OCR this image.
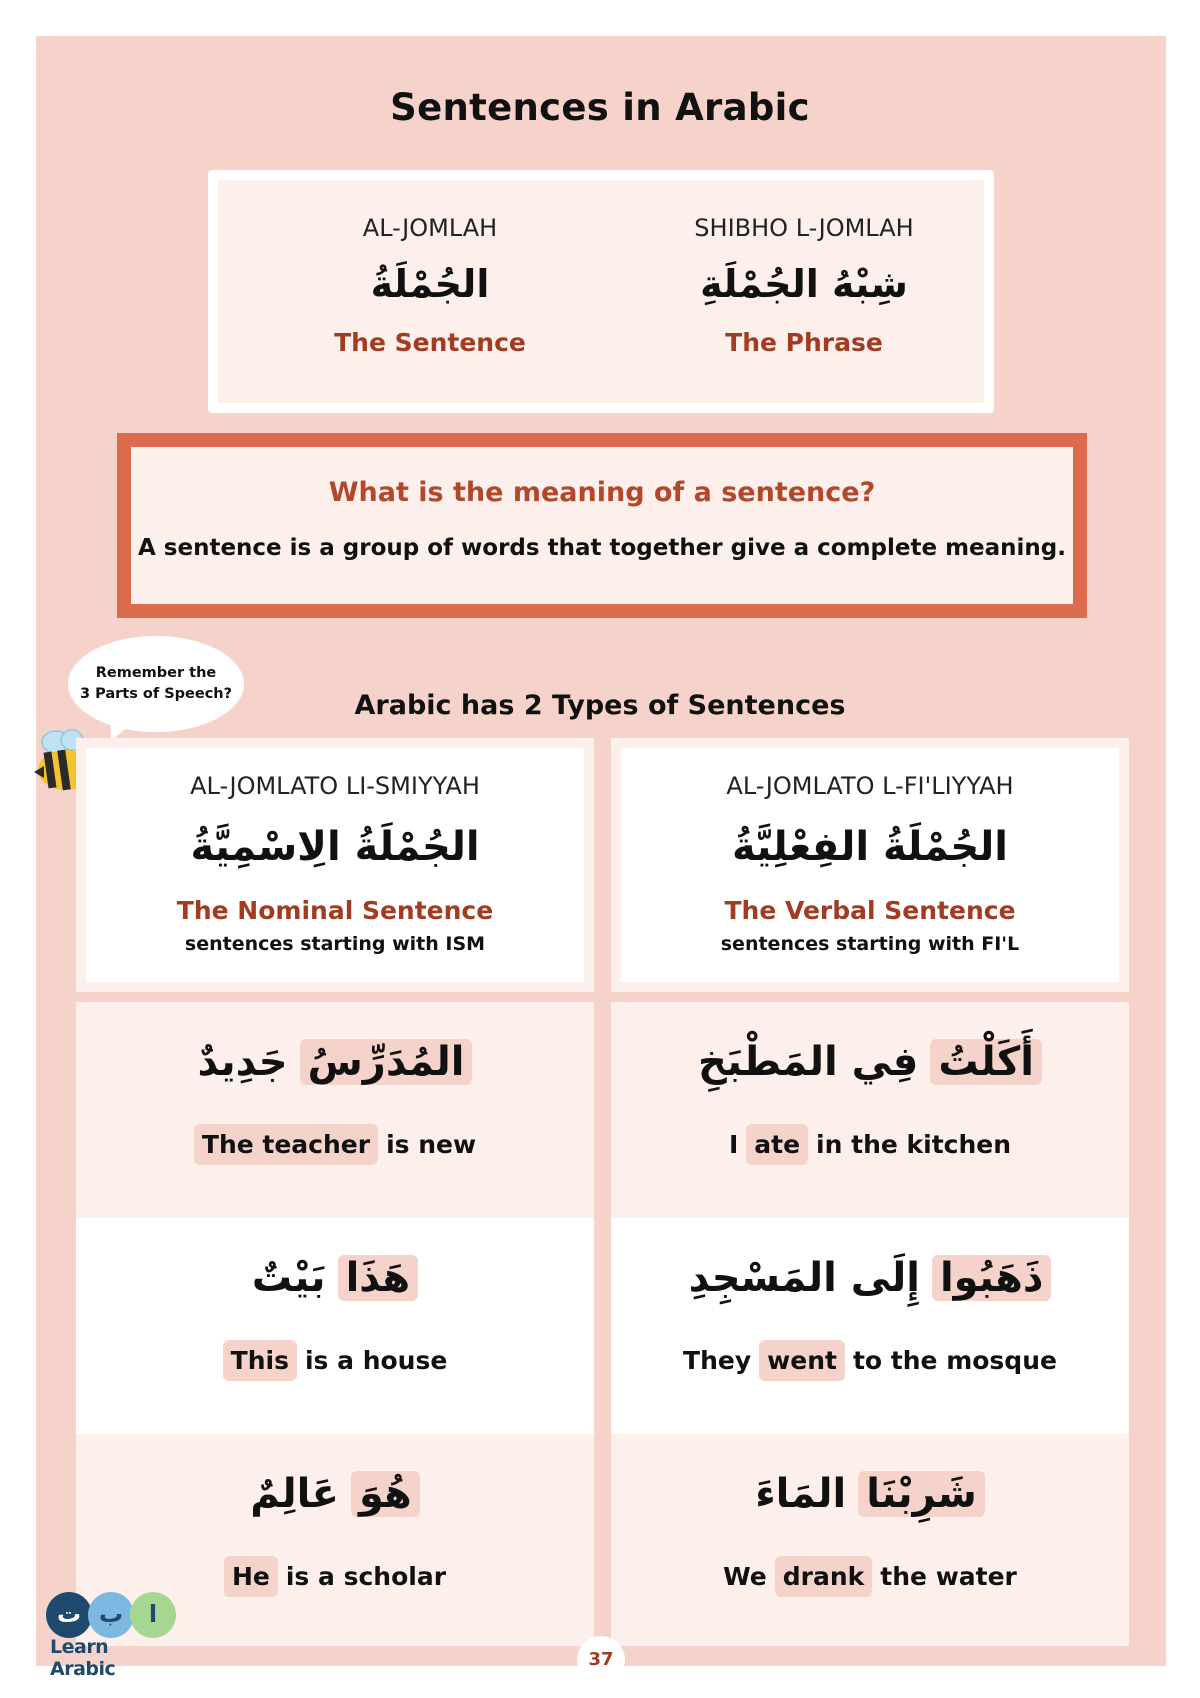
Sentences in Arabic
AL-JOMLAH
الجُمْلَةُ
The Sentence
SHIBHO L-JOMLAH
شِبْهُ الجُمْلَةِ
The Phrase
What is the meaning of a sentence?
A sentence is a group of words that together give a complete meaning.
Remember the
3 Parts of Speech?	Arabic has 2 Types of Sentences
AL-JOMLATO LI-SMIYYAH
الجُمْلَةُ الِاسْمِيَّةُ
The Nominal Sentence
sentences starting with ISM
AL-JOMLATO L-FI'LIYYAH
الجُمْلَةُ الفِعْلِيَّةُ
The Verbal Sentence
sentences starting with FI'L
المُدَرِّسُ
جَدِيدٌ
The teacher is new
هَذَا
بَيْتٌ
This is a house
هُوَ
عَالِمٌ
He is a scholar
أَكَلْتُ
فِي المَطْبَخِ
I ate in the kitchen
ذَهَبُوا
إِلَى المَسْجِدِ
They went to the mosque
شَرِبْنَا
المَاءَ
We drank the water
ت ب	ا
Learn Arabic	37
